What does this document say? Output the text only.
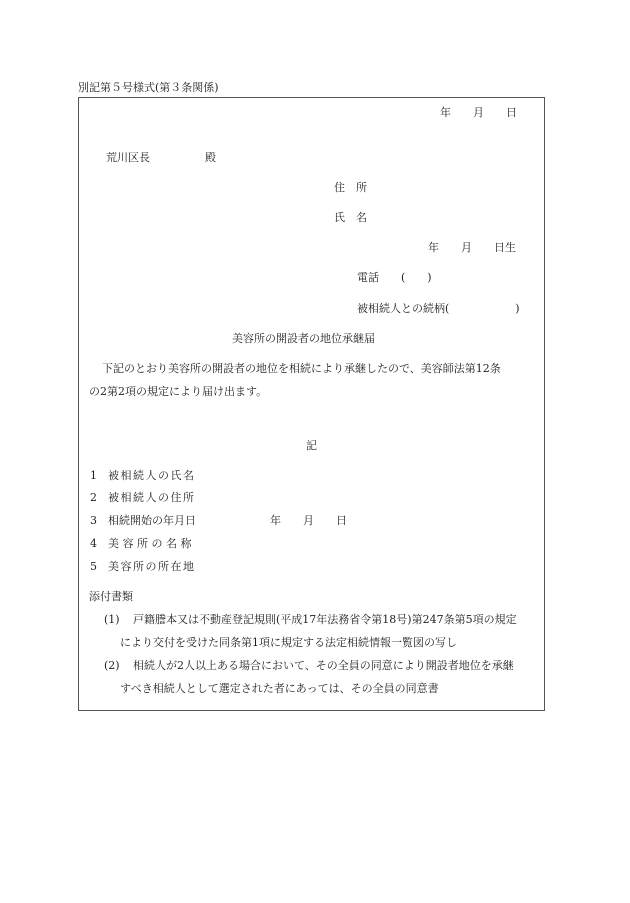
別記第５号様式(第３条関係)
年　　月　　日
荒川区長　　　　　殿
住　所
氏　名
年　　月　　日生
電話　　(　　)
被相続人との続柄(　　　　　　)
美容所の開設者の地位承継届
下記のとおり美容所の開設者の地位を相続により承継したので、美容師法第12条
の2第2項の規定により届け出ます。
記
1 被相続人の氏名
2 被相続人の住所
3 相続開始の年月日	年　　月　　日
4 美 容 所 の 名 称
5 美容所の所在地
添付書類
(1) 戸籍謄本又は不動産登記規則(平成17年法務省令第18号)第247条第5項の規定
により交付を受けた同条第1項に規定する法定相続情報一覧図の写し
(2) 相続人が2人以上ある場合において、その全員の同意により開設者地位を承継
すべき相続人として選定された者にあっては、その全員の同意書
